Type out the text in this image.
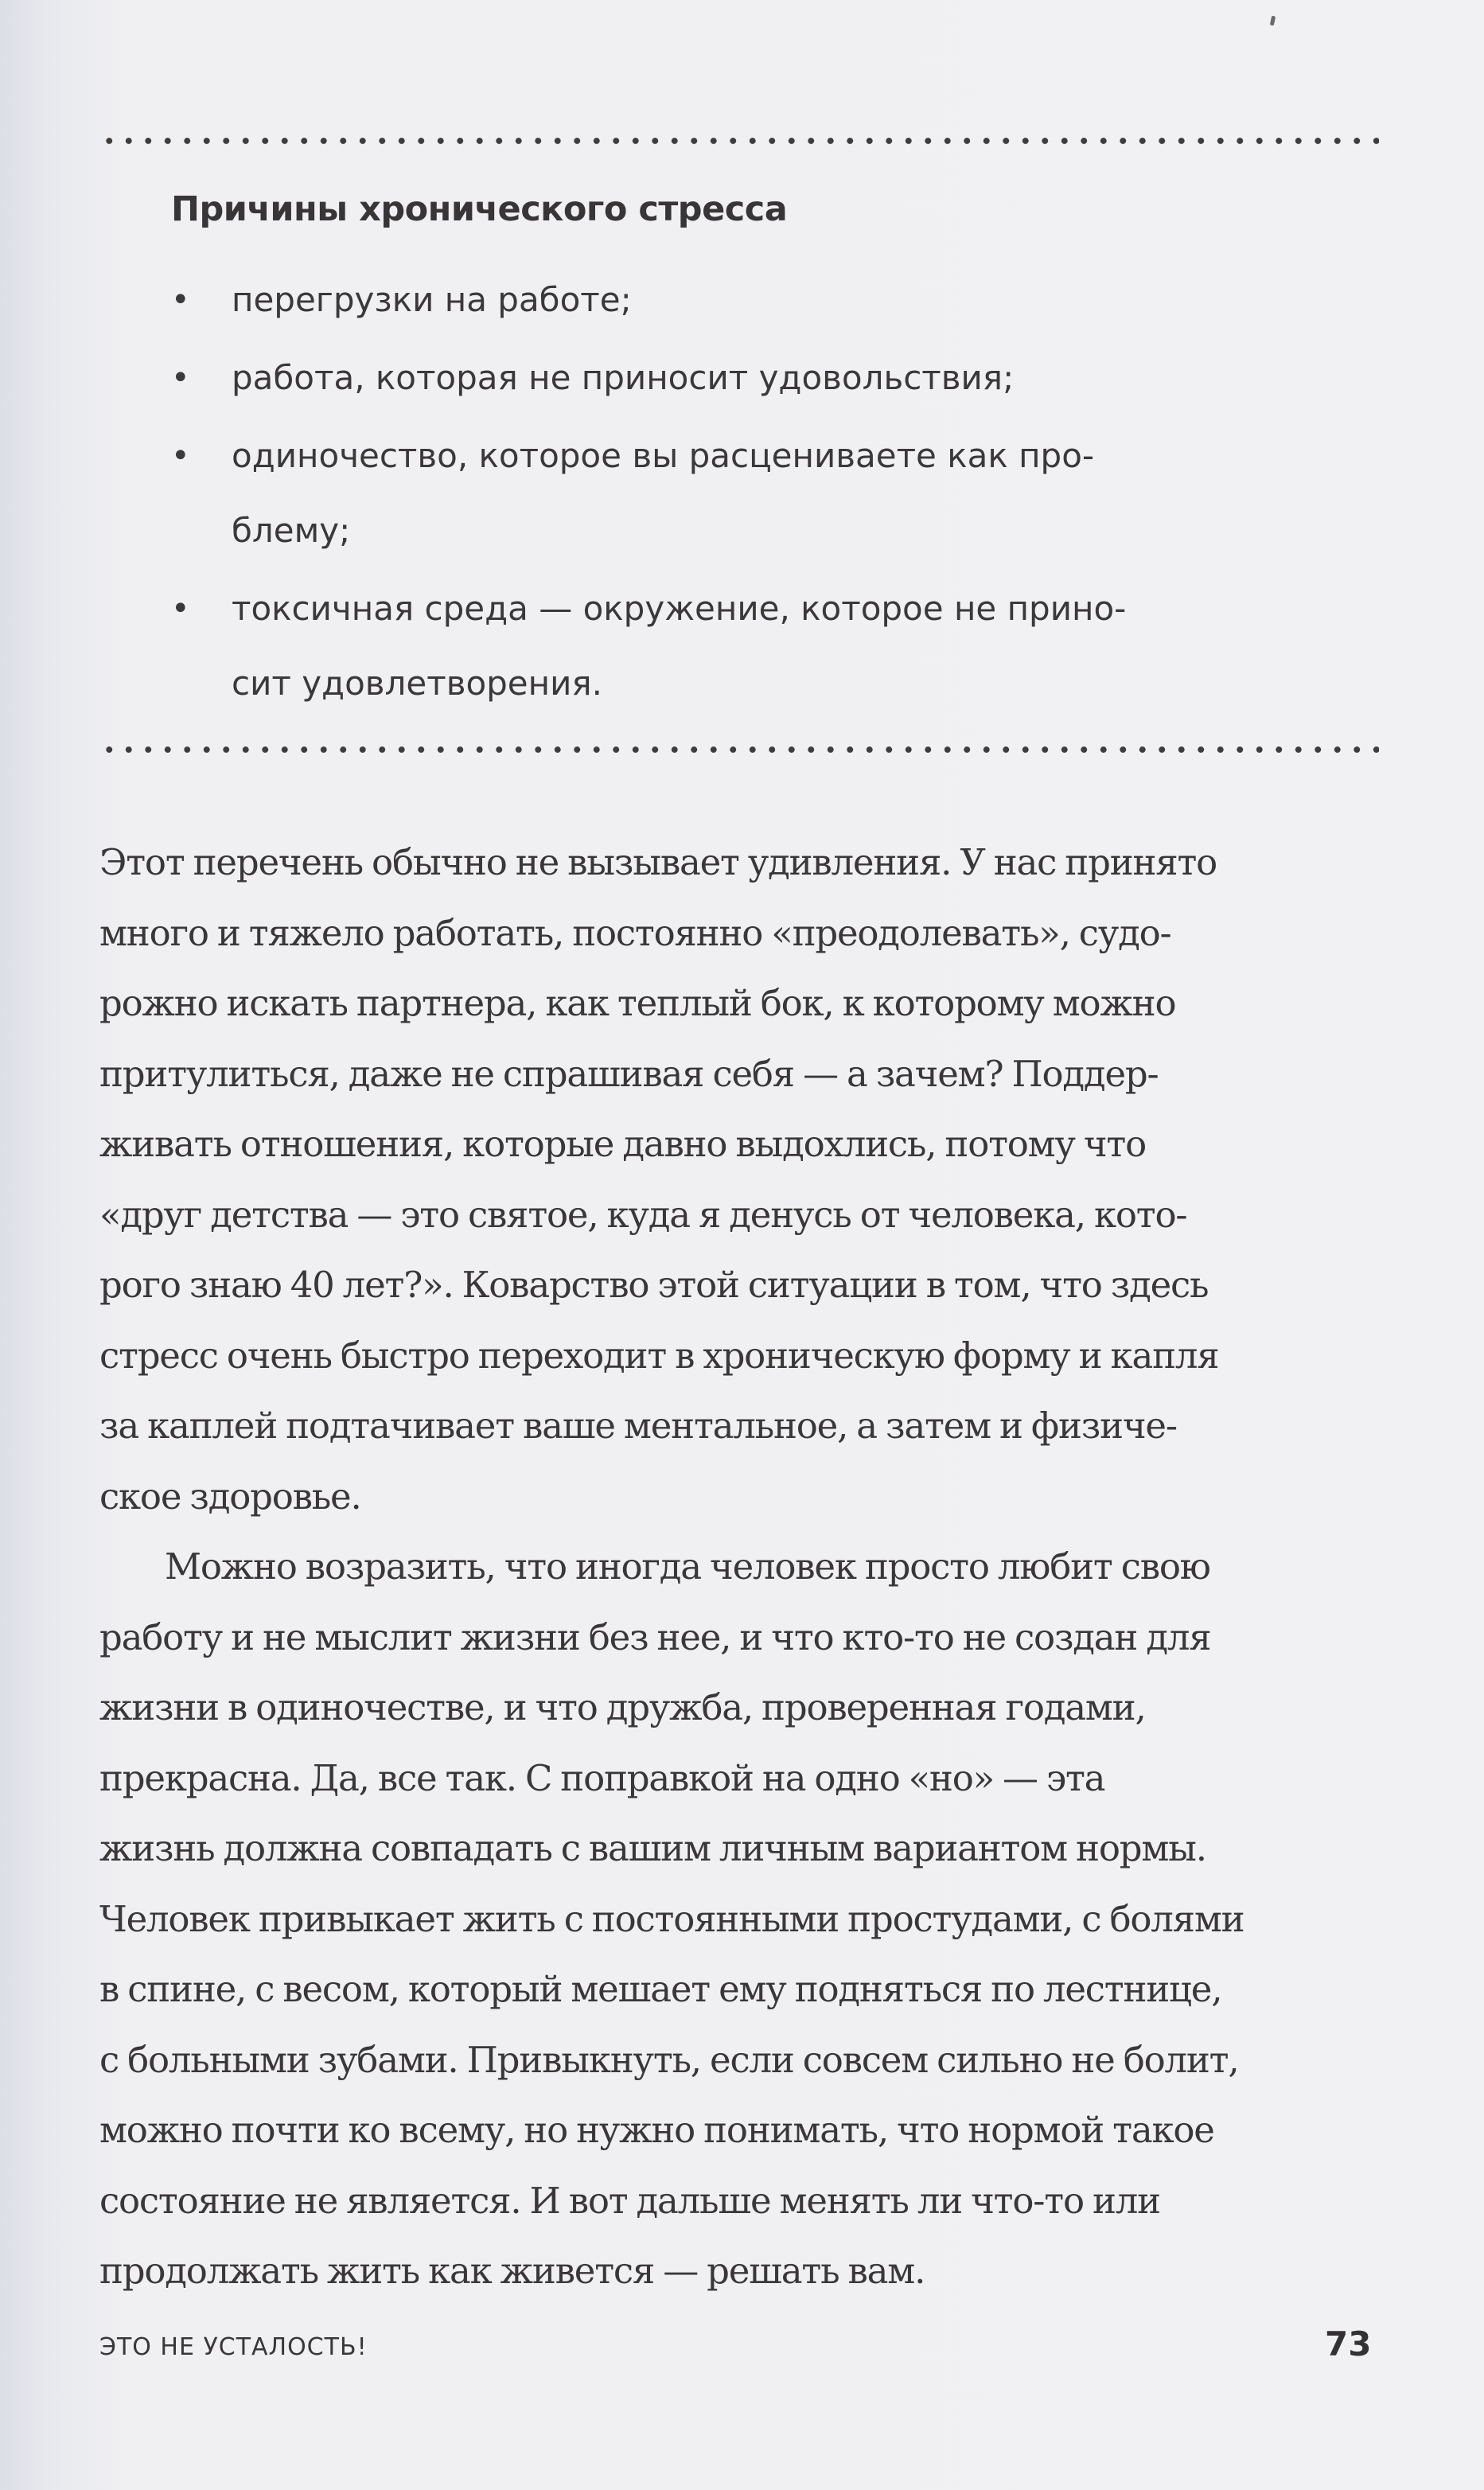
Причины хронического стресса
• перегрузки на работе;
• работа, которая не приносит удовольствия;
• одиночество, которое вы расцениваете как про-
блему;
• токсичная среда — окружение, которое не прино-
сит удовлетворения.

Этот перечень обычно не вызывает удивления. У нас принято
много и тяжело работать, постоянно «преодолевать», судо-
рожно искать партнера, как теплый бок, к которому можно
притулиться, даже не спрашивая себя — а зачем? Поддер-
живать отношения, которые давно выдохлись, потому что
«друг детства — это святое, куда я денусь от человека, кото-
рого знаю 40 лет?». Коварство этой ситуации в том, что здесь
стресс очень быстро переходит в хроническую форму и капля
за каплей подтачивает ваше ментальное, а затем и физиче-
ское здоровье.

Можно возразить, что иногда человек просто любит свою
работу и не мыслит жизни без нее, и что кто-то не создан для
жизни в одиночестве, и что дружба, проверенная годами,
прекрасна. Да, все так. С поправкой на одно «но» — эта
жизнь должна совпадать с вашим личным вариантом нормы.
Человек привыкает жить с постоянными простудами, с болями
в спине, с весом, который мешает ему подняться по лестнице,
с больными зубами. Привыкнуть, если совсем сильно не болит,
можно почти ко всему, но нужно понимать, что нормой такое
состояние не является. И вот дальше менять ли что-то или
продолжать жить как живется — решать вам.

ЭТО НЕ УСТАЛОСТЬ!	73
